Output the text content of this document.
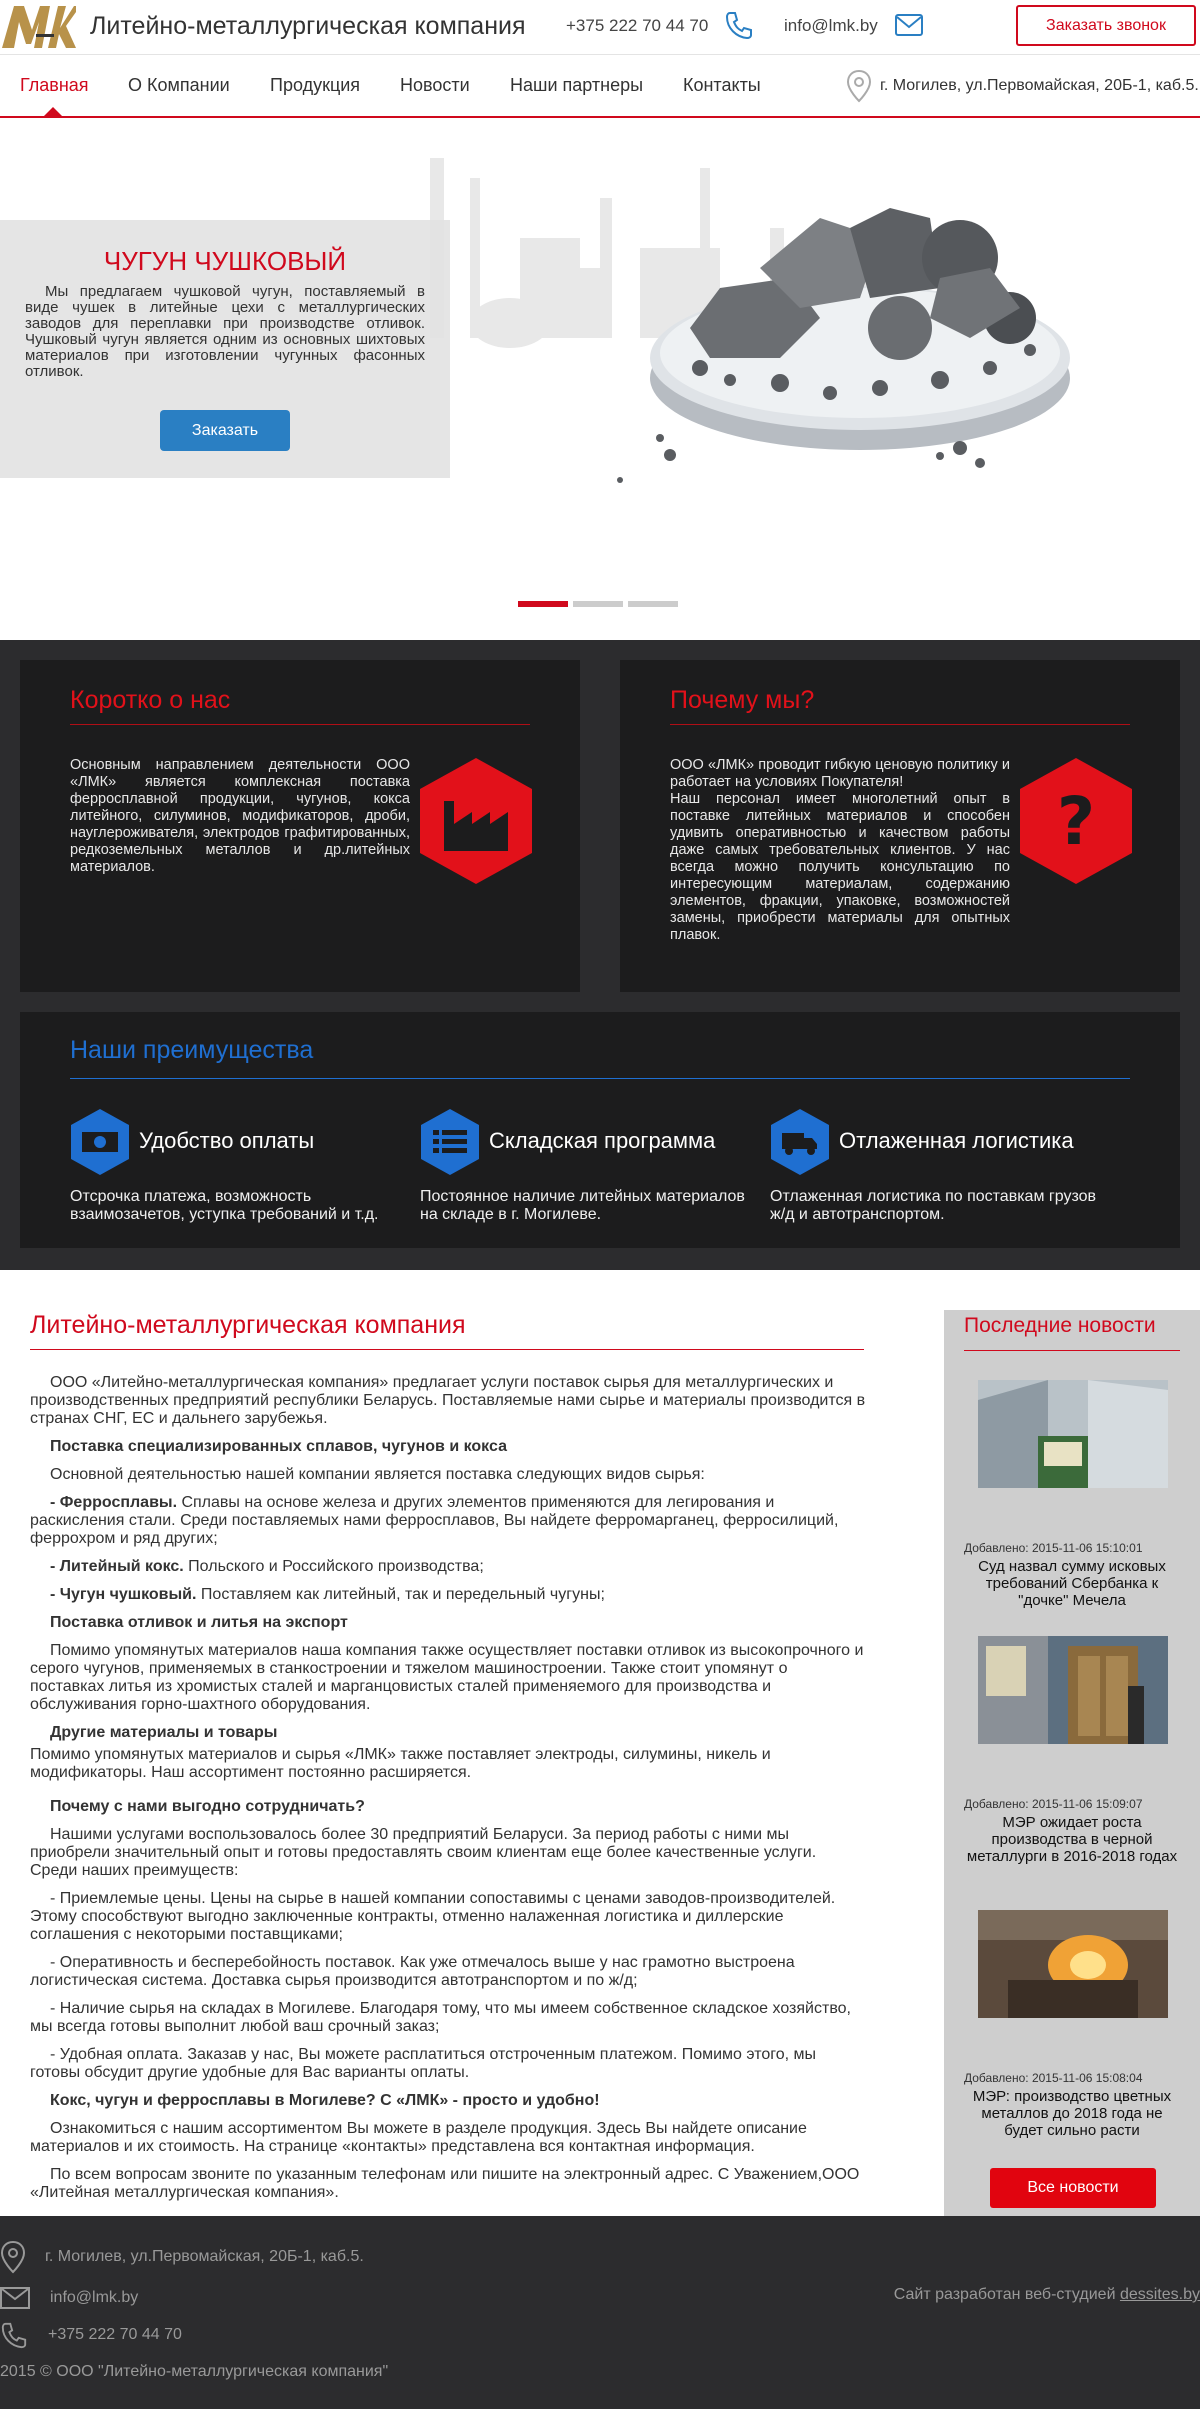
Литейно-металлургическая компания +375 222 70 44 70	info@lmk.by	Заказать звонок
Главная О Компании Продукция Новости Наши партнеры Контакты	г. Могилев, ул.Первомайская, 20Б-1, каб.5.
ЧУГУН ЧУШКОВЫЙ
Мы предлагаем чушковой чугун, поставляемый в виде чушек в литейные цехи с металлургических заводов для переплавки при производстве отливок. Чушковый чугун является одним из основных шихтовых материалов при изготовлении чугунных фасонных отливок.
Заказать
Коротко о нас
Основным направлением деятельности ООО «ЛМК» является комплексная поставка ферросплавной продукции, чугунов, кокса литейного, силуминов, модификаторов, дроби, науглероживателя, электродов графитированных, редкоземельных металлов и др.литейных материалов.
Почему мы?
ООО «ЛМК» проводит гибкую ценовую политику и работает на условиях Покупателя!
Наш персонал имеет многолетний опыт в поставке литейных материалов и способен удивить оперативностью и качеством работы даже самых требовательных клиентов. У нас всегда можно получить консультацию по интересующим материалам, содержанию элементов, фракции, упаковке, возможностей замены, приобрести материалы для опытных плавок.
?
Наши преимущества
Удобство оплаты
Отсрочка платежа, возможность взаимозачетов, уступка требований и т.д.
Складская программа
Постоянное наличие литейных материалов на складе в г. Могилеве.
Отлаженная логистика
Отлаженная логистика по поставкам грузов ж/д и автотранспортом.
Литейно-металлургическая компания
ООО «Литейно-металлургическая компания» предлагает услуги поставок сырья для металлургических и производственных предприятий республики Беларусь. Поставляемые нами сырье и материалы производится в странах СНГ, ЕС и дальнего зарубежья.
Поставка специализированных сплавов, чугунов и кокса
Основной деятельностью нашей компании является поставка следующих видов сырья:
- Ферросплавы. Сплавы на основе железа и других элементов применяются для легирования и раскисления стали. Среди поставляемых нами ферросплавов, Вы найдете ферромарганец, ферросилиций, феррохром и ряд других;
- Литейный кокс. Польского и Российского производства;
- Чугун чушковый. Поставляем как литейный, так и передельный чугуны;
Поставка отливок и литья на экспорт
Помимо упомянутых материалов наша компания также осуществляет поставки отливок из высокопрочного и серого чугунов, применяемых в станкостроении и тяжелом машиностроении. Также стоит упомянут о поставках литья из хромистых сталей и марганцовистых сталей применяемого для производства и обслуживания горно-шахтного оборудования.
Другие материалы и товары
Помимо упомянутых материалов и сырья «ЛМК» также поставляет электроды, силумины, никель и модификаторы. Наш ассортимент постоянно расширяется.
Почему с нами выгодно сотрудничать?
Нашими услугами воспользовалось более 30 предприятий Беларуси. За период работы с ними мы приобрели значительный опыт и готовы предоставлять своим клиентам еще более качественные услуги. Среди наших преимуществ:
- Приемлемые цены. Цены на сырье в нашей компании сопоставимы с ценами заводов-производителей. Этому способствуют выгодно заключенные контракты, отменно налаженная логистика и диллерские соглашения с некоторыми поставщиками;
- Оперативность и бесперебойность поставок. Как уже отмечалось выше у нас грамотно выстроена логистическая система. Доставка сырья производится автотранспортом и по ж/д;
- Наличие сырья на складах в Могилеве. Благодаря тому, что мы имеем собственное складское хозяйство, мы всегда готовы выполнит любой ваш срочный заказ;
- Удобная оплата. Заказав у нас, Вы можете расплатиться отстроченным платежом. Помимо этого, мы готовы обсудит другие удобные для Вас варианты оплаты.
Кокс, чугун и ферросплавы в Могилеве? С «ЛМК» - просто и удобно!
Ознакомиться с нашим ассортиментом Вы можете в разделе продукция. Здесь Вы найдете описание материалов и их стоимость. На странице «контакты» представлена вся контактная информация.
По всем вопросам звоните по указанным телефонам или пишите на электронный адрес. С Уважением,ООО «Литейная металлургическая компания».
Последние новости
Добавлено: 2015-11-06 15:10:01
Суд назвал сумму исковых требований Сбербанка к "дочке" Мечела
Добавлено: 2015-11-06 15:09:07
МЭР ожидает роста производства в черной металлурги в 2016-2018 годах
Добавлено: 2015-11-06 15:08:04
МЭР: производство цветных металлов до 2018 года не будет сильно расти
Все новости
г. Могилев, ул.Первомайская, 20Б-1, каб.5.
info@lmk.by
+375 222 70 44 70
2015 © ООО "Литейно-металлургическая компания"
Сайт разработан веб-студией dessites.by
